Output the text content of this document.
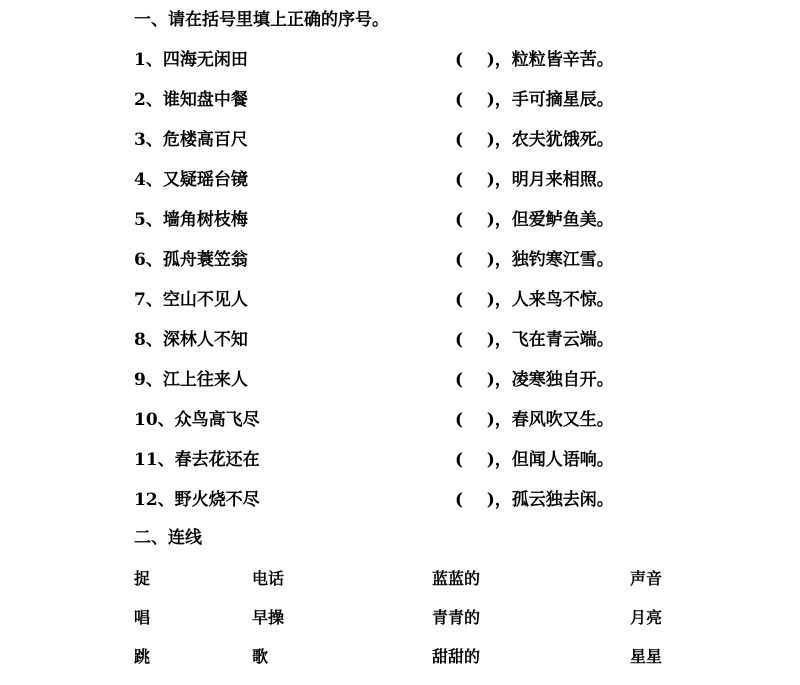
一、请在括号里填上正确的序号。
1、四海无闲田	(    )，粒粒皆辛苦。
2、谁知盘中餐	(    )，手可摘星辰。
3、危楼高百尺	(    )，农夫犹饿死。
4、又疑瑶台镜	(    )，明月来相照。
5、墙角树枝梅	(    )，但爱鲈鱼美。
6、孤舟蓑笠翁	(    )，独钓寒江雪。
7、空山不见人	(    )，人来鸟不惊。
8、深林人不知	(    )，飞在青云端。
9、江上往来人	(    )，凌寒独自开。
10、众鸟高飞尽	(    )，春风吹又生。
11、春去花还在	(    )，但闻人语响。
12、野火烧不尽	(    )，孤云独去闲。
二、连线
捉	电话	蓝蓝的	声音
唱	早操	青青的	月亮
跳	歌	甜甜的	星星
